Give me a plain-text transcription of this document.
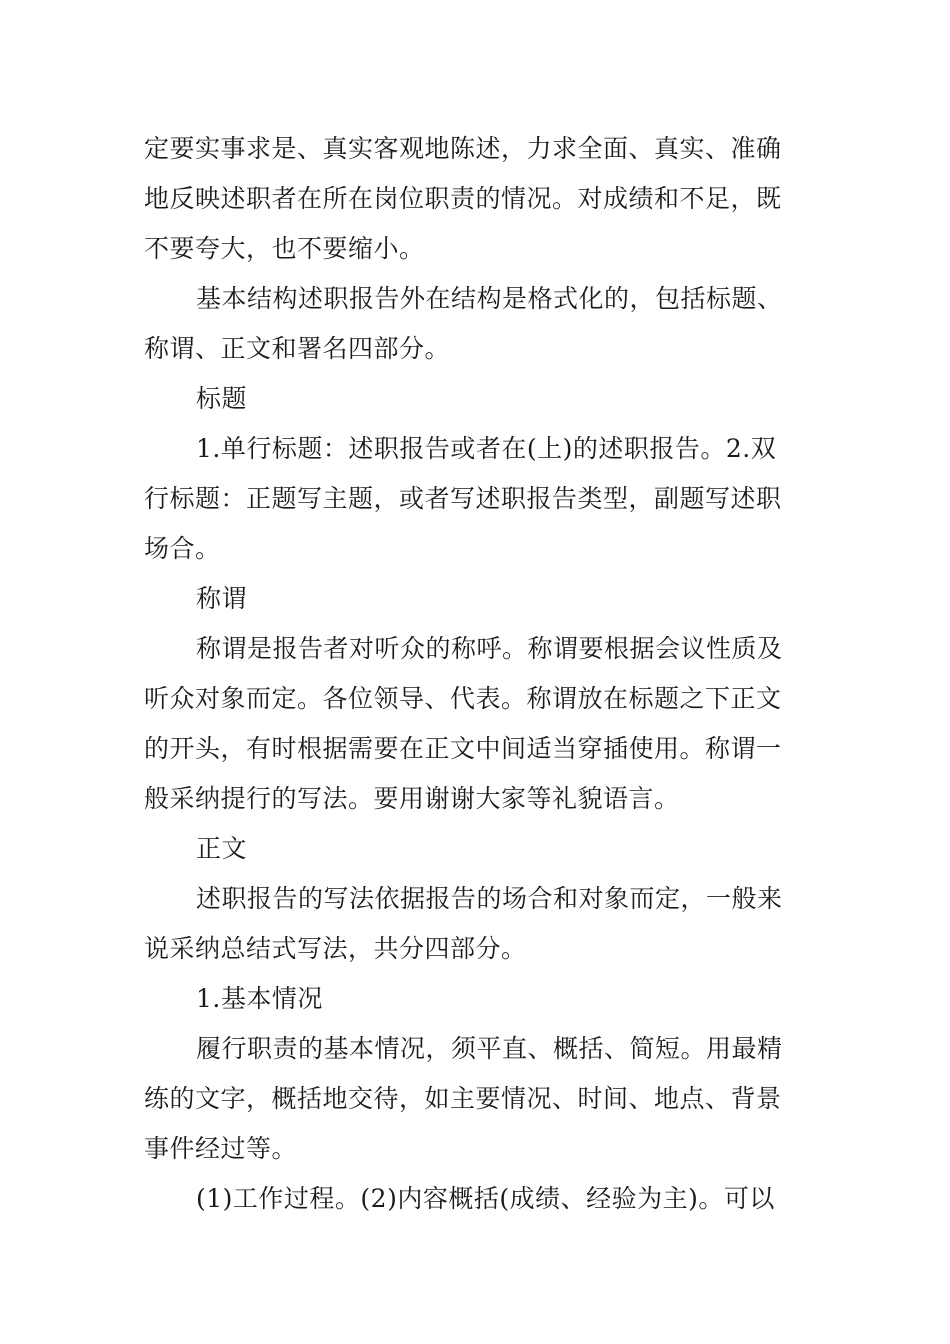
定要实事求是、真实客观地陈述，力求全面、真实、准确
地反映述职者在所在岗位职责的情况。对成绩和不足，既
不要夸大，也不要缩小。
基本结构述职报告外在结构是格式化的，包括标题、
称谓、正文和署名四部分。
标题
1.单行标题：述职报告或者在(上)的述职报告。2.双
行标题：正题写主题，或者写述职报告类型，副题写述职
场合。
称谓
称谓是报告者对听众的称呼。称谓要根据会议性质及
听众对象而定。各位领导、代表。称谓放在标题之下正文
的开头，有时根据需要在正文中间适当穿插使用。称谓一
般采纳提行的写法。要用谢谢大家等礼貌语言。
正文
述职报告的写法依据报告的场合和对象而定，一般来
说采纳总结式写法，共分四部分。
1.基本情况
履行职责的基本情况，须平直、概括、简短。用最精
练的文字，概括地交待，如主要情况、时间、地点、背景
事件经过等。
(1)工作过程。(2)内容概括(成绩、经验为主)。可以
